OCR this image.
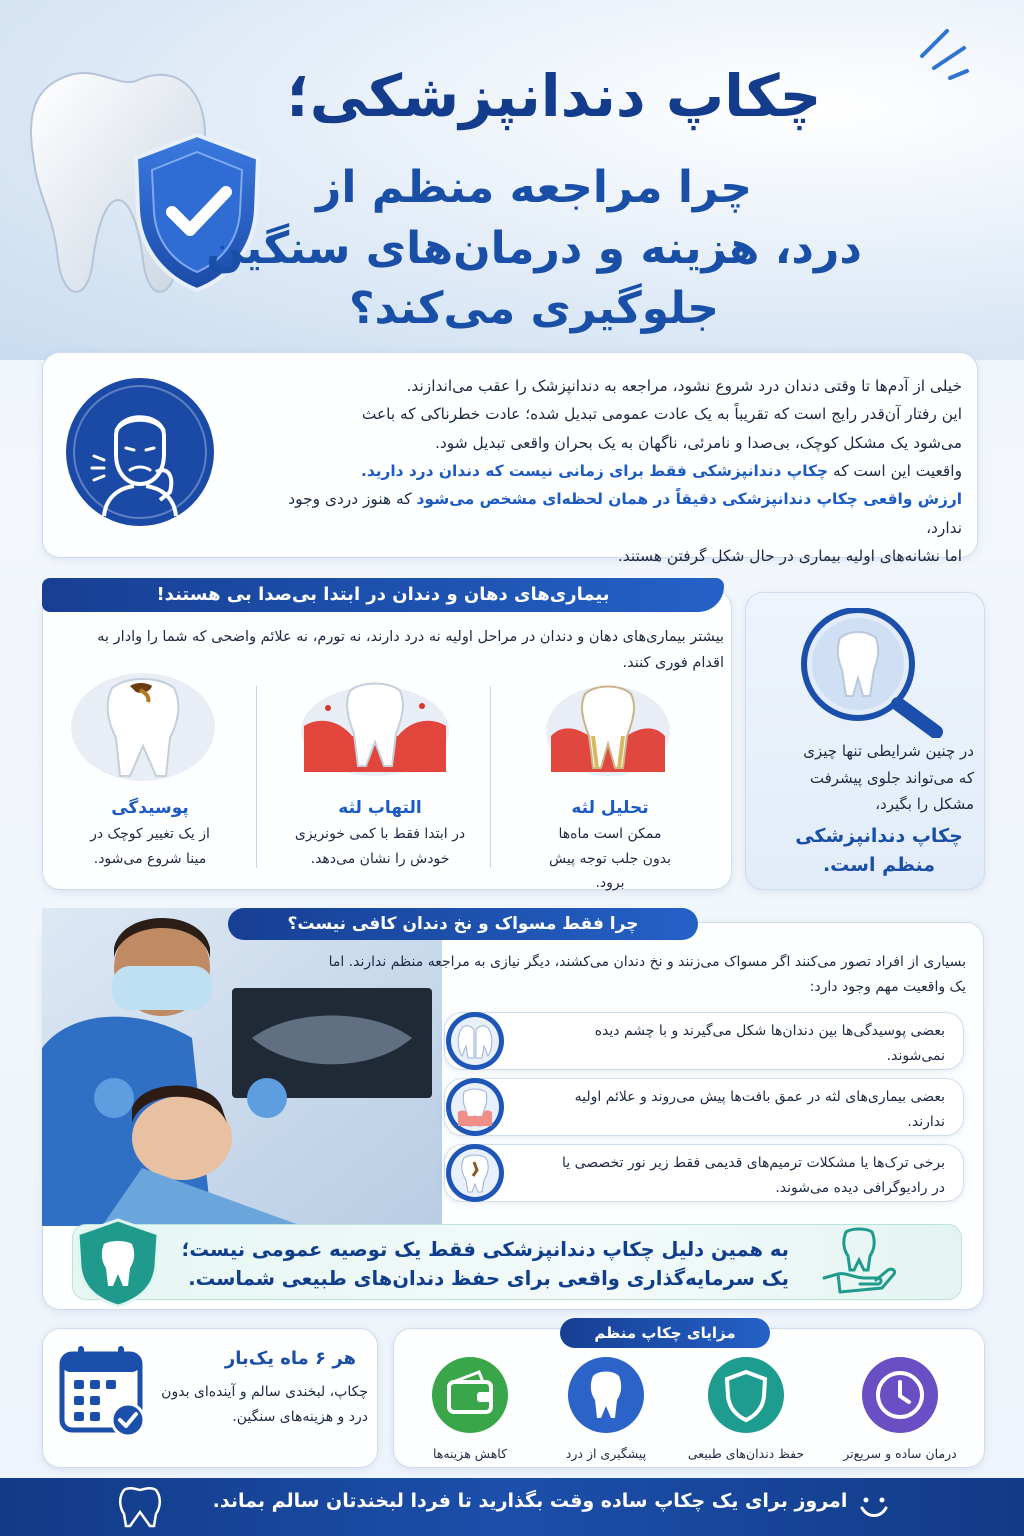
چکاپ دندانپزشکی؛
چرا مراجعه منظم از
درد، هزینه و درمان‌های سنگین
جلوگیری می‌کند؟
خیلی از آدم‌ها تا وقتی دندان درد شروع نشود، مراجعه به دندانپزشک را عقب می‌اندازند.
این رفتار آن‌قدر رایج است که تقریباً به یک عادت عمومی تبدیل شده؛ عادت خطرناکی که باعث
می‌شود یک مشکل کوچک، بی‌صدا و نامرئی، ناگهان به یک بحران واقعی تبدیل شود.
واقعیت این است که چکاپ دندانپزشکی فقط برای زمانی نیست که دندان درد دارید.
ارزش واقعی چکاپ دندانپزشکی دقیقاً در همان لحظه‌ای مشخص می‌شود که هنوز دردی وجود ندارد،
اما نشانه‌های اولیه بیماری در حال شکل گرفتن هستند.
بیماری‌های دهان و دندان در ابتدا بی‌صدا بی هستند!
بیشتر بیماری‌های دهان و دندان در مراحل اولیه نه درد دارند، نه تورم، نه علائم واضحی که شما را وادار به اقدام فوری کنند.
تحلیل لثه
ممکن است ماه‌ها بدون جلب توجه پیش برود.
التهاب لثه
در ابتدا فقط با کمی خونریزی خودش را نشان می‌دهد.
پوسیدگی
از یک تغییر کوچک در مینا شروع می‌شود.
در چنین شرایطی تنها چیزی که می‌تواند جلوی پیشرفت مشکل را بگیرد،
چکاپ دندانپزشکی منظم است.
چرا فقط مسواک و نخ دندان کافی نیست؟
بسیاری از افراد تصور می‌کنند اگر مسواک می‌زنند و نخ دندان می‌کشند، دیگر نیازی به مراجعه منظم ندارند. اما یک واقعیت مهم وجود دارد:
بعضی پوسیدگی‌ها بین دندان‌ها شکل می‌گیرند و با چشم دیده نمی‌شوند.
بعضی بیماری‌های لثه در عمق بافت‌ها پیش می‌روند و علائم اولیه ندارند.
برخی ترک‌ها یا مشکلات ترمیم‌های قدیمی فقط زیر نور تخصصی یا در رادیوگرافی دیده می‌شوند.
به همین دلیل چکاپ دندانپزشکی فقط یک توصیه عمومی نیست؛
یک سرمایه‌گذاری واقعی برای حفظ دندان‌های طبیعی شماست.
هر ۶ ماه یک‌بار
چکاپ، لبخندی سالم و آینده‌ای بدون درد و هزینه‌های سنگین.
مزایای چکاپ منظم
درمان ساده و سریع‌تر
حفظ دندان‌های طبیعی
پیشگیری از درد
کاهش هزینه‌ها
امروز برای یک چکاپ ساده وقت بگذارید تا فردا لبخندتان سالم بماند.
